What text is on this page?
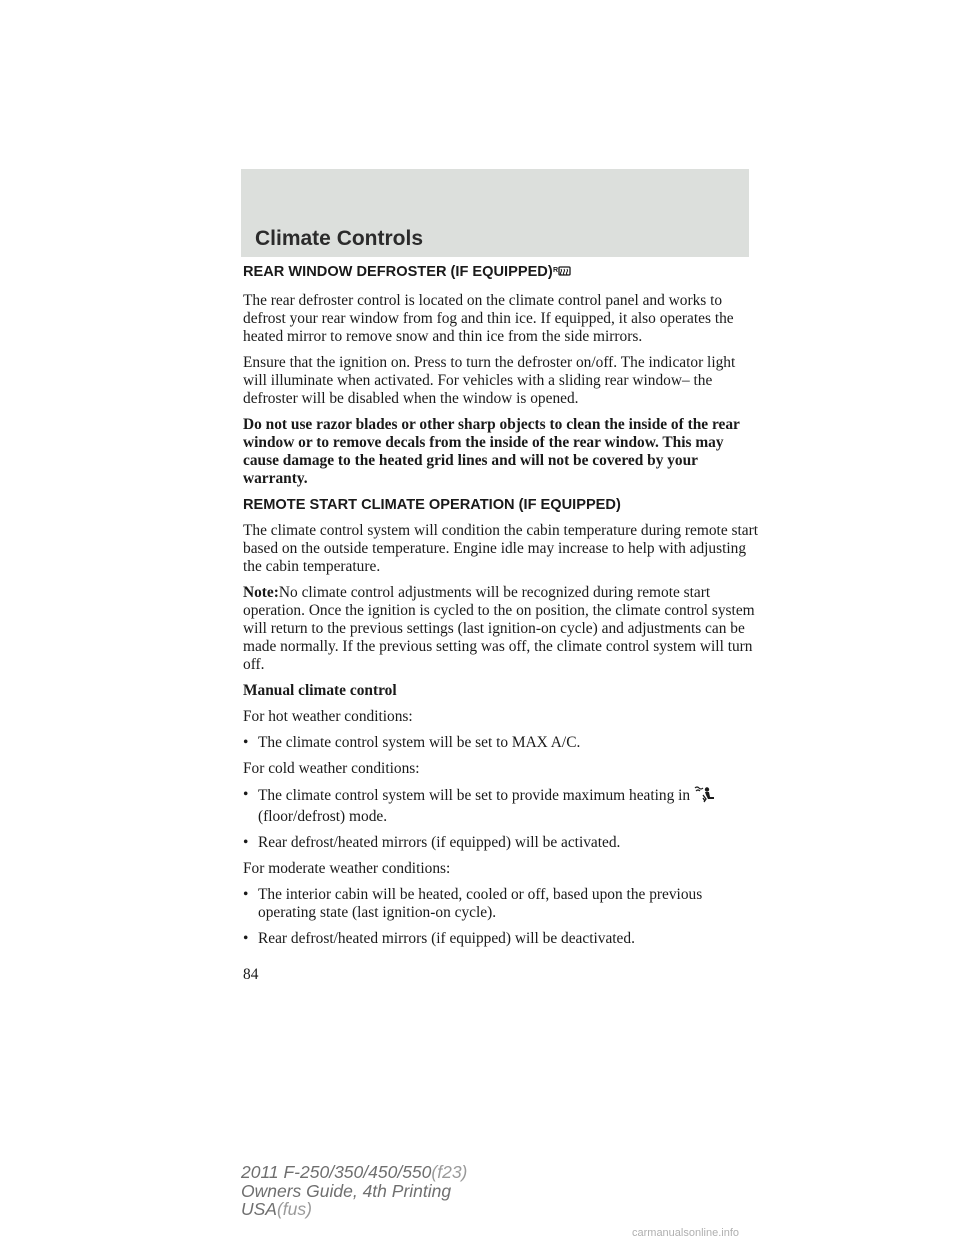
Climate Controls
REAR WINDOW DEFROSTER (IF EQUIPPED) R

The rear defroster control is located on the climate control panel and works to defrost your rear window from fog and thin ice. If equipped, it also operates the heated mirror to remove snow and thin ice from the side mirrors.

Ensure that the ignition on. Press to turn the defroster on/off. The indicator light will illuminate when activated. For vehicles with a sliding rear window– the defroster will be disabled when the window is opened.

Do not use razor blades or other sharp objects to clean the inside of the rear window or to remove decals from the inside of the rear window. This may cause damage to the heated grid lines and will not be covered by your warranty.

REMOTE START CLIMATE OPERATION (IF EQUIPPED)

The climate control system will condition the cabin temperature during remote start based on the outside temperature. Engine idle may increase to help with adjusting the cabin temperature.

Note:No climate control adjustments will be recognized during remote start operation. Once the ignition is cycled to the on position, the climate control system will return to the previous settings (last ignition-on cycle) and adjustments can be made normally. If the previous setting was off, the climate control system will turn off.

Manual climate control

For hot weather conditions:

• The climate control system will be set to MAX A/C.

For cold weather conditions:

• The climate control system will be set to provide maximum heating in (floor/defrost) mode.
• Rear defrost/heated mirrors (if equipped) will be activated.

For moderate weather conditions:

• The interior cabin will be heated, cooled or off, based upon the previous operating state (last ignition-on cycle).
• Rear defrost/heated mirrors (if equipped) will be deactivated.
84
2011 F-250/350/450/550(f23)
Owners Guide, 4th Printing
USA(fus)
carmanualsonline.info
